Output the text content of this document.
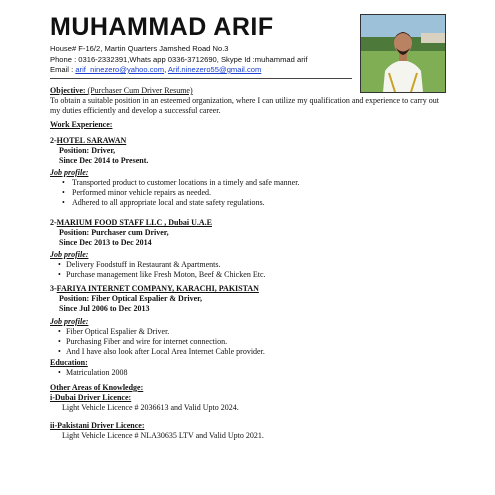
MUHAMMAD ARIF
House# F-16/2, Martin Quarters Jamshed Road No.3
Phone : 0316-2332391,Whats app 0336-3712690, Skype Id :muhammad arif
Email : arif_ninezero@yahoo.com, Arif.ninezero55@gmail.com
Objective: (Purchaser Cum Driver Resume)
To obtain a suitable position in an esteemed organization, where I can utilize my qualification and experience to carry out my duties efficiently and develop a successful career.
Work Experience:
2-HOTEL SARAWAN
Position: Driver,
Since Dec 2014 to Present.
Job profile:
• Transported product to customer locations in a timely and safe manner.
• Performed minor vehicle repairs as needed.
• Adhered to all appropriate local and state safety regulations.
2-MARIUM FOOD STAFF LLC , Dubai U.A.E
Position: Purchaser cum Driver,
Since Dec 2013 to Dec 2014
Job profile:
• Delivery Foodstuff in Restaurant & Apartments.
• Purchase management like Fresh Moton, Beef & Chicken Etc.
3-FARIYA INTERNET COMPANY, KARACHI, PAKISTAN
Position: Fiber Optical Espalier & Driver,
Since Jul 2006 to Dec 2013
Job profile:
• Fiber Optical Espalier & Driver.
• Purchasing Fiber and wire for internet connection.
• And I have also look after Local Area Internet Cable provider.
Education:
• Matriculation 2008
Other Areas of Knowledge:
i-Dubai Driver Licence:
Light Vehicle Licence # 2036613 and Valid Upto 2024.
ii-Pakistani Driver Licence:
Light Vehicle Licence # NLA30635 LTV and Valid Upto 2021.
